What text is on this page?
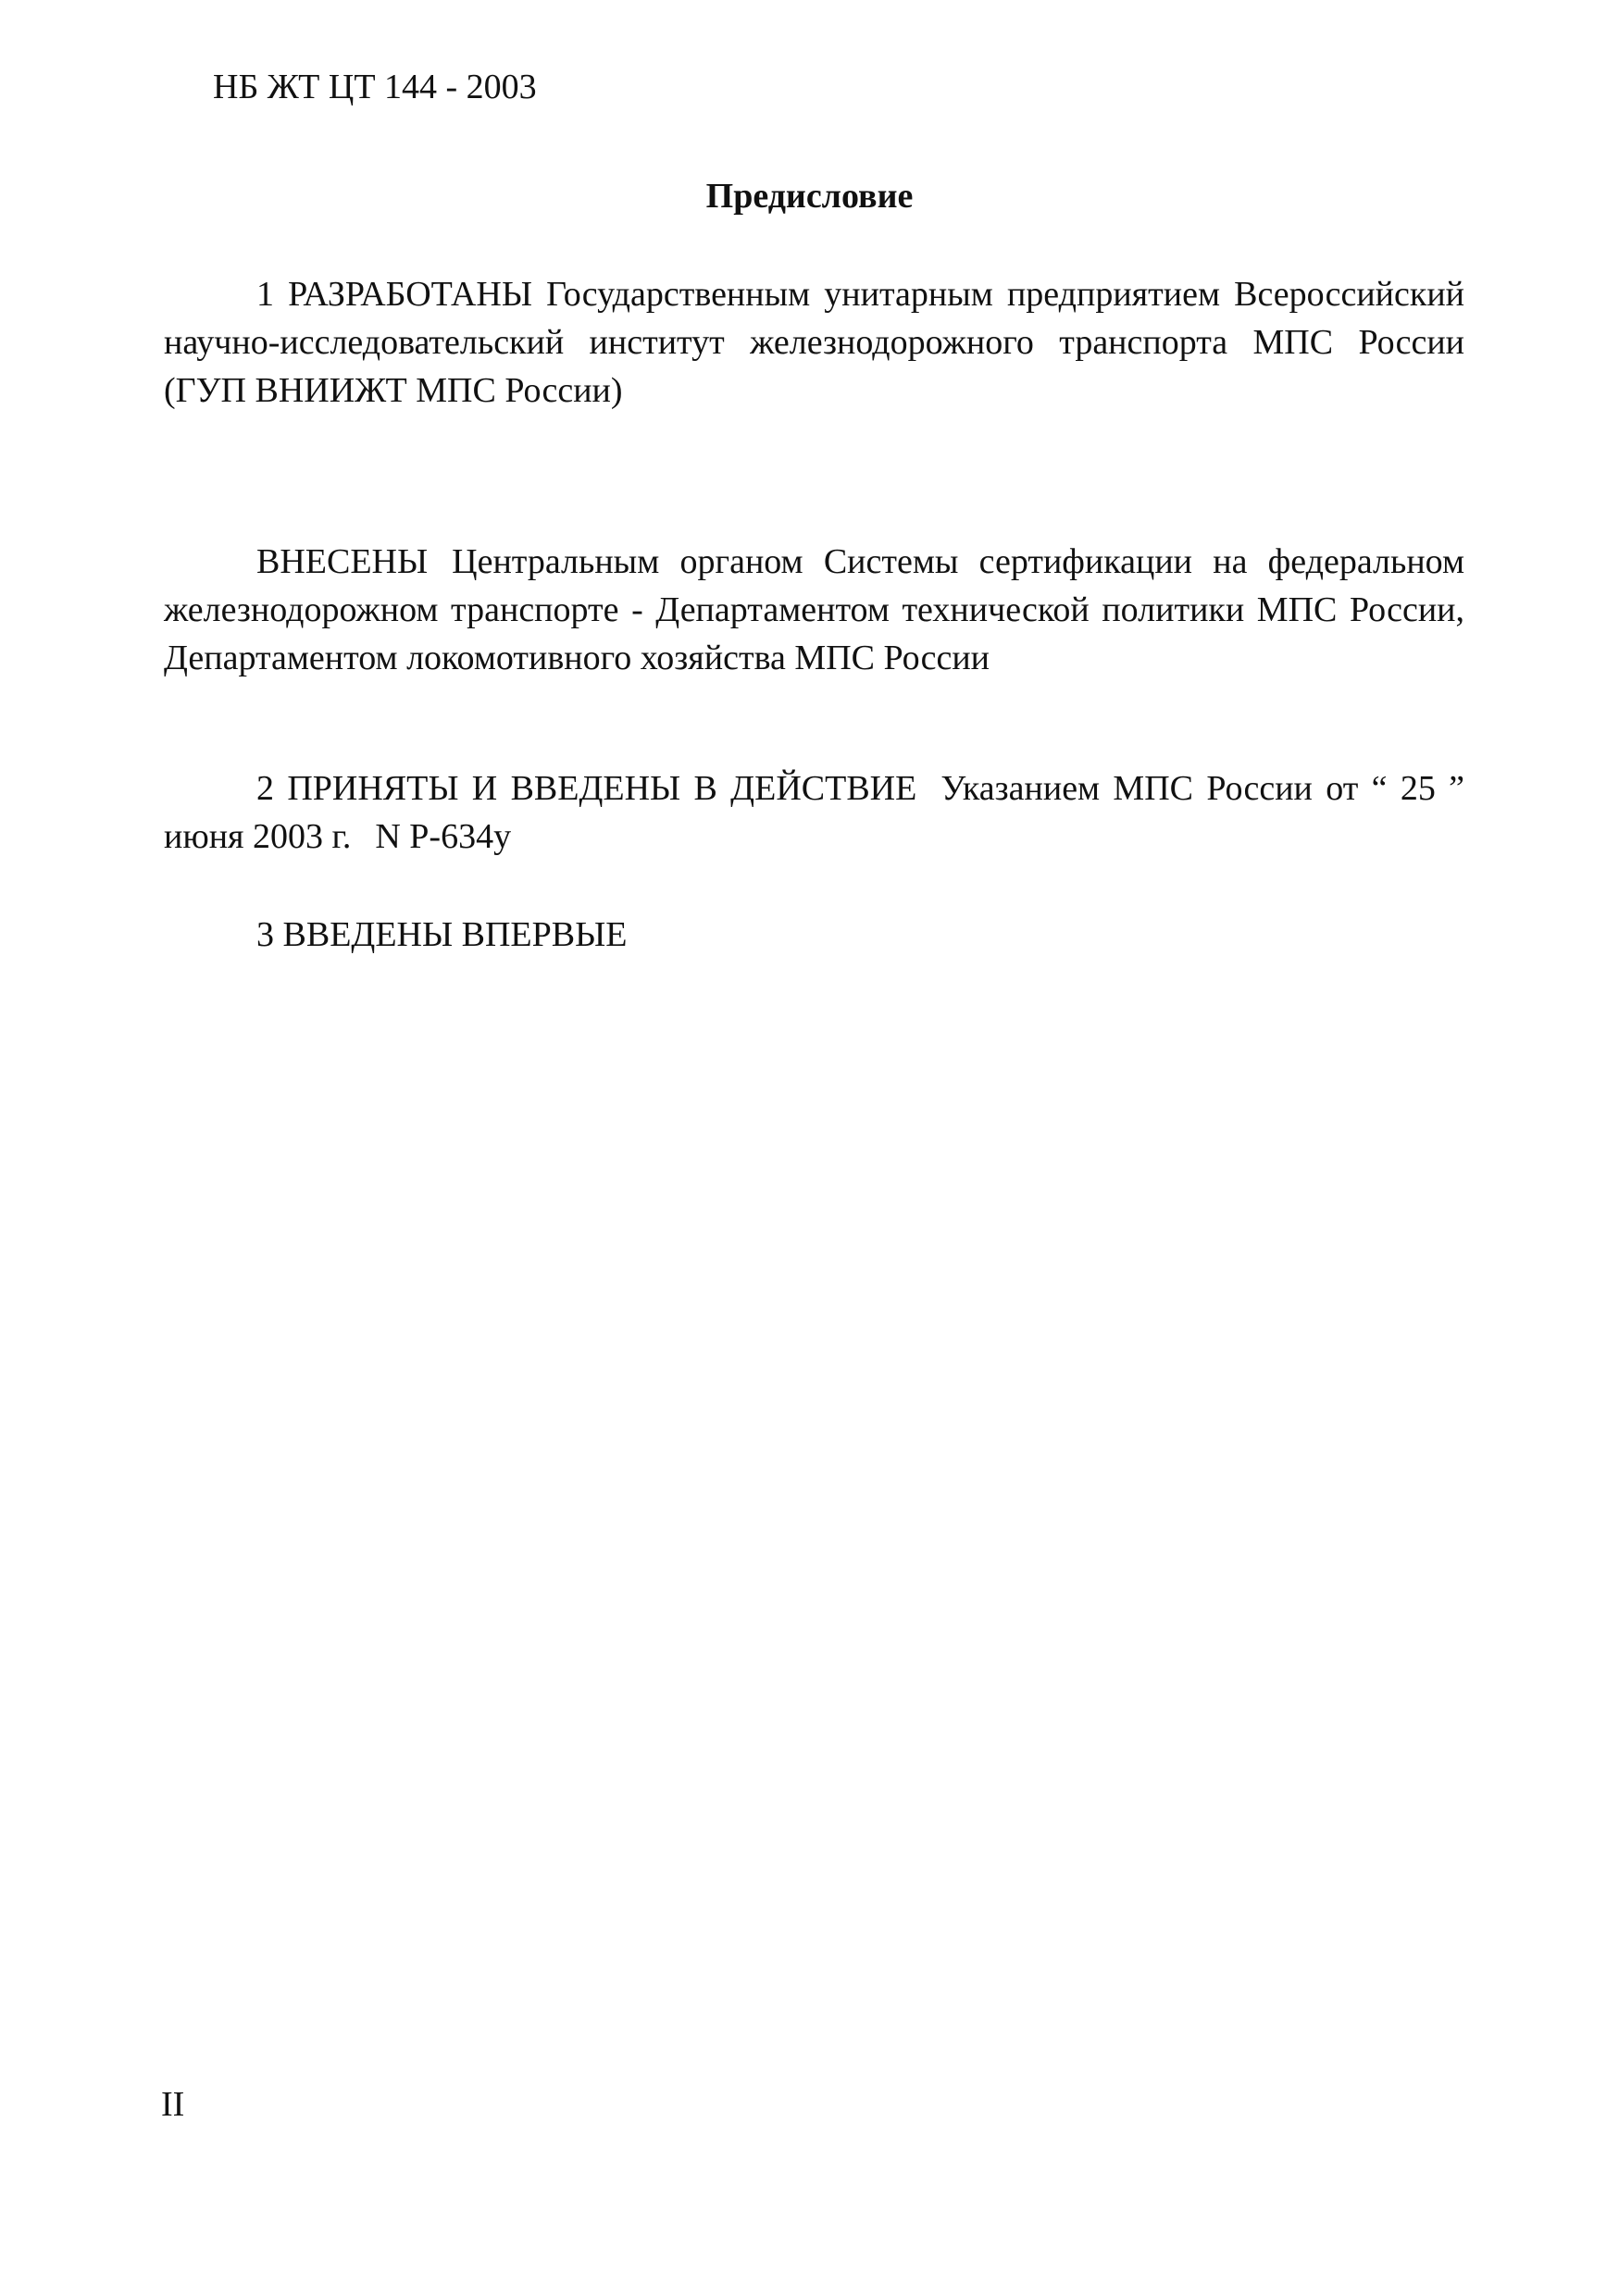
НБ ЖТ ЦТ 144 - 2003
Предисловие

1 РАЗРАБОТАНЫ Государственным унитарным предприятием Всероссийский научно-исследовательский институт железнодорожного транспорта МПС России (ГУП ВНИИЖТ МПС России)

ВНЕСЕНЫ Центральным органом Системы сертификации на федеральном железнодорожном транспорте - Департаментом технической политики МПС России, Департаментом локомотивного хозяйства МПС России

2 ПРИНЯТЫ И ВВЕДЕНЫ В ДЕЙСТВИЕ Указанием МПС России от “ 25 ” июня 2003 г. N Р-634у

3 ВВЕДЕНЫ ВПЕРВЫЕ

II
